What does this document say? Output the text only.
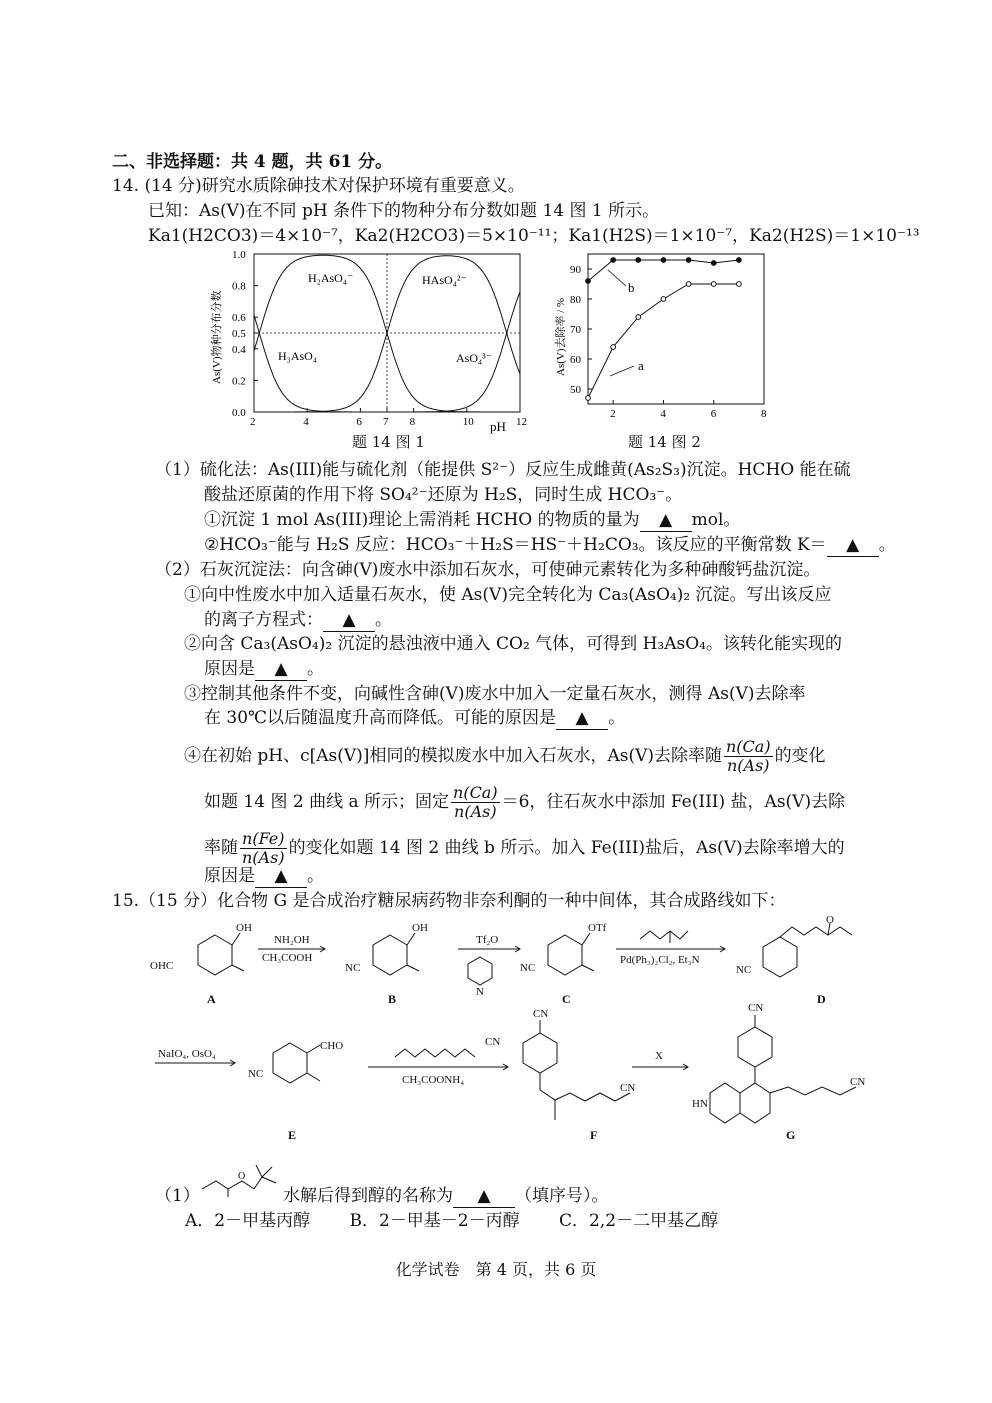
二、非选择题：共 4 题，共 61 分。
14. (14 分)研究水质除砷技术对保护环境有重要意义。
已知：As(V)在不同 pH 条件下的物种分布分数如题 14 图 1 所示。
Ka1(H2CO3)＝4×10⁻⁷，Ka2(H2CO3)＝5×10⁻¹¹；Ka1(H2S)＝1×10⁻⁷，Ka2(H2S)＝1×10⁻¹³
1.0
0.8
0.6
0.5
0.4
0.2
0.0
2	4	6 7 8	10	12
H₂AsO₄⁻	HAsO₄²⁻
H₃AsO₄	AsO₄³⁻
As(V)物种分布分数
pH
题 14 图 1
90
80
70
60
50
2	4	6	8
a
b
As(V)去除率 / %
题 14 图 2
（1）硫化法：As(III)能与硫化剂（能提供 S²⁻）反应生成雌黄(As₂S₃)沉淀。HCHO 能在硫
酸盐还原菌的作用下将 SO₄²⁻还原为 H₂S，同时生成 HCO₃⁻。
①沉淀 1 mol As(III)理论上需消耗 HCHO 的物质的量为 ▲ mol。
②HCO₃⁻能与 H₂S 反应：HCO₃⁻＋H₂S＝HS⁻＋H₂CO₃。该反应的平衡常数 K＝ ▲ 。
（2）石灰沉淀法：向含砷(V)废水中添加石灰水，可使砷元素转化为多种砷酸钙盐沉淀。
①向中性废水中加入适量石灰水，使 As(V)完全转化为 Ca₃(AsO₄)₂ 沉淀。写出该反应
的离子方程式： ▲ 。
②向含 Ca₃(AsO₄)₂ 沉淀的悬浊液中通入 CO₂ 气体，可得到 H₃AsO₄。该转化能实现的
原因是 ▲ 。
③控制其他条件不变，向碱性含砷(V)废水中加入一定量石灰水，测得 As(V)去除率
在 30℃以后随温度升高而降低。可能的原因是 ▲ 。
④在初始 pH、c[As(V)]相同的模拟废水中加入石灰水，As(V)去除率随 $\frac{n(Ca)}{n(As)}$ 的变化
如题 14 图 2 曲线 a 所示；固定 $\frac{n(Ca)}{n(As)} =6$，往石灰水中添加 Fe(III) 盐，As(V)去除
率随 $\frac{n(Fe)}{n(As)}$ 的变化如题 14 图 2 曲线 b 所示。加入 Fe(III)盐后，As(V)去除率增大的
原因是 ▲ 。
15.（15 分）化合物 G 是合成治疗糖尿病药物非奈利酮的一种中间体，其合成路线如下：
OHC
OH
NH₂OH
CH₃COOH
NC
OH
Tf₂O
N
NC
OTf
Pd(Ph₃)₂Cl₂, Et₃N
NC
O
NaIO₄, OsO₄
NC
CHO	CN
CH₃COONH₄
CN
CN
X
CN
HN
CN
A	B	C	D
E	F	G
（1）
O
水解后得到醇的名称为 ▲ （填序号）。
A．2－甲基丙醇　　 B．2－甲基－2－丙醇　　 C．2,2－二甲基乙醇
化学试卷　第 4 页，共 6 页
